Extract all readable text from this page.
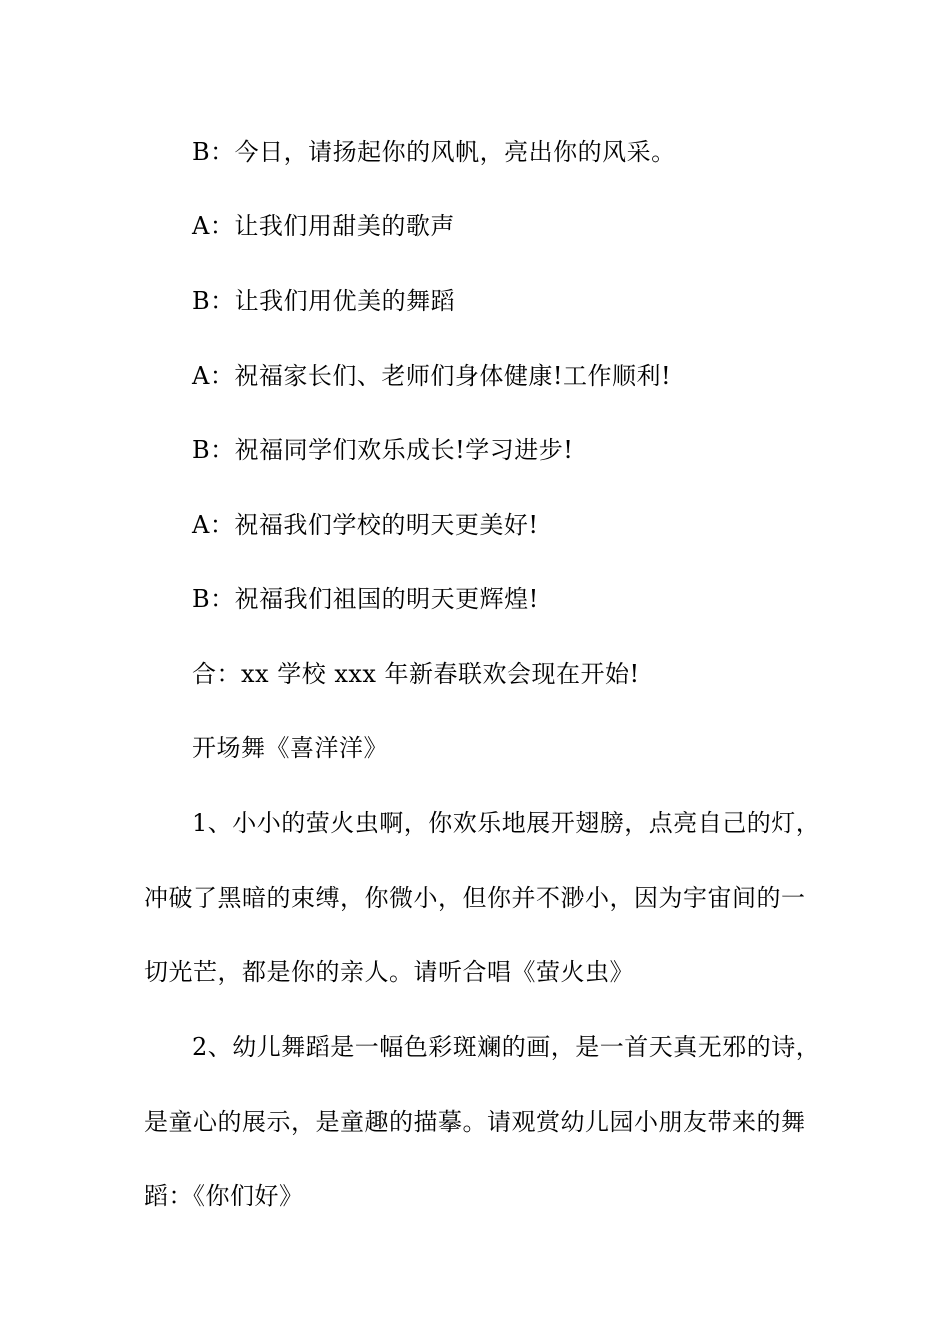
B：今日，请扬起你的风帆，亮出你的风采。
A：让我们用甜美的歌声
B：让我们用优美的舞蹈
A：祝福家长们、老师们身体健康!工作顺利!
B：祝福同学们欢乐成长!学习进步!
A：祝福我们学校的明天更美好!
B：祝福我们祖国的明天更辉煌!
合：xx 学校 xxx 年新春联欢会现在开始!
开场舞《喜洋洋》
1、小小的萤火虫啊，你欢乐地展开翅膀，点亮自己的灯，
冲破了黑暗的束缚，你微小，但你并不渺小，因为宇宙间的一
切光芒，都是你的亲人。请听合唱《萤火虫》
2、幼儿舞蹈是一幅色彩斑斓的画，是一首天真无邪的诗，
是童心的展示，是童趣的描摹。请观赏幼儿园小朋友带来的舞
蹈：《你们好》
